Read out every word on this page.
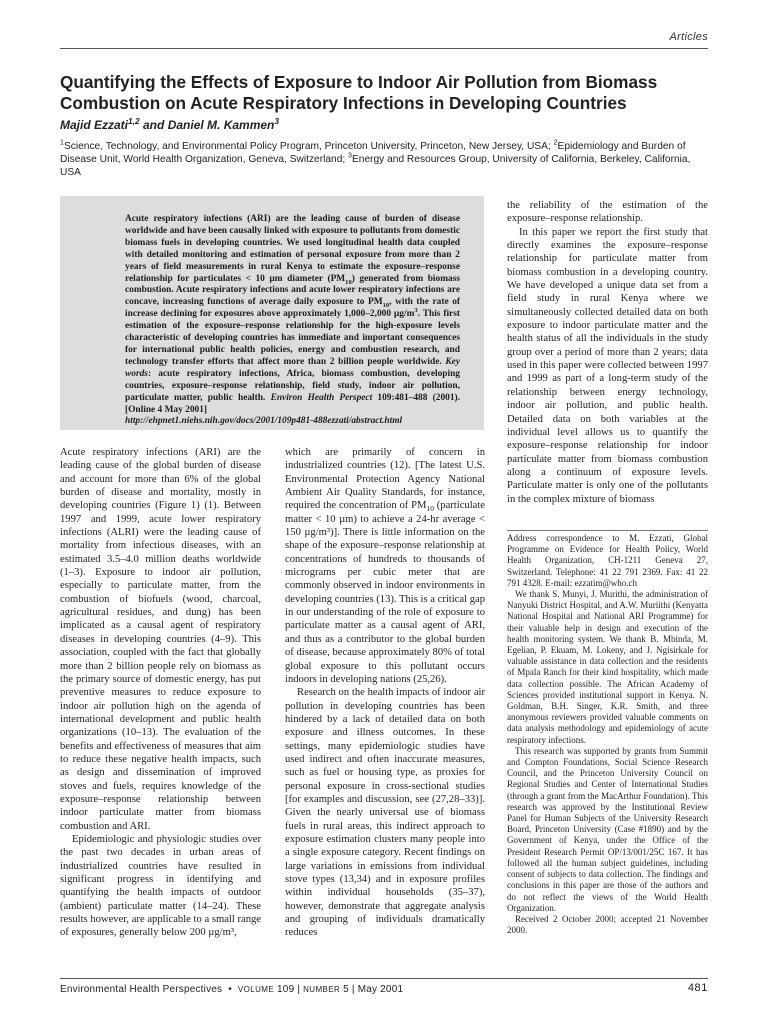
Articles
Quantifying the Effects of Exposure to Indoor Air Pollution from Biomass
Combustion on Acute Respiratory Infections in Developing Countries
Majid Ezzati$^{1,2}$ and Daniel M. Kammen$^3$
$^1$Science, Technology, and Environmental Policy Program, Princeton University, Princeton, New Jersey, USA; $^2$Epidemiology and Burden of Disease Unit, World Health Organization, Geneva, Switzerland; $^3$Energy and Resources Group, University of California, Berkeley, California, USA
Acute respiratory infections (ARI) are the leading cause of burden of disease worldwide and have been causally linked with exposure to pollutants from domestic biomass fuels in developing countries. We used longitudinal health data coupled with detailed monitoring and estimation of personal exposure from more than 2 years of field measurements in rural Kenya to estimate the exposure–response relationship for particulates < 10 µm diameter $(PM_{10})$ generated from biomass combustion. Acute respiratory infections and acute lower respiratory infections are concave, increasing functions of average daily exposure to $PM_{10}$, with the rate of increase declining for exposures above approximately 1,000–2,000 $\mu g/m^3$. This first estimation of the exposure–response relationship for the high-exposure levels characteristic of developing countries has immediate and important consequences for international public health policies, energy and combustion research, and technology transfer efforts that affect more than 2 billion people worldwide. Key words: acute respiratory infections, Africa, biomass combustion, developing countries, exposure–response relationship, field study, indoor air pollution, particulate matter, public health. Environ Health Perspect 109:481–488 (2001). [Online 4 May 2001]
http://ehpnet1.niehs.nih.gov/docs/2001/109p481-488ezzati/abstract.html

Acute respiratory infections (ARI) are the leading cause of the global burden of disease and account for more than 6% of the global burden of disease and mortality, mostly in developing countries (Figure 1) (1). Between 1997 and 1999, acute lower respiratory infections (ALRI) were the leading cause of mortality from infectious diseases, with an estimated 3.5–4.0 million deaths worldwide (1–3). Exposure to indoor air pollution, especially to particulate matter, from the combustion of biofuels (wood, charcoal, agricultural residues, and dung) has been implicated as a causal agent of respiratory diseases in developing countries (4–9). This association, coupled with the fact that globally more than 2 billion people rely on biomass as the primary source of domestic energy, has put preventive measures to reduce exposure to indoor air pollution high on the agenda of international development and public health organizations (10–13). The evaluation of the benefits and effectiveness of measures that aim to reduce these negative health impacts, such as design and dissemination of improved stoves and fuels, requires knowledge of the exposure–response relationship between indoor particulate matter from biomass combustion and ARI.

Epidemiologic and physiologic studies over the past two decades in urban areas of industrialized countries have resulted in significant progress in identifying and quantifying the health impacts of outdoor (ambient) particulate matter (14–24). These results however, are applicable to a small range of exposures, generally below 200 µg/m³,

which are primarily of concern in industrialized countries (12). [The latest U.S. Environmental Protection Agency National Ambient Air Quality Standards, for instance, required the concentration of $PM_{10}$ (particulate matter < 10 µm) to achieve a 24-hr average < 150 µg/m³)]. There is little information on the shape of the exposure–response relationship at concentrations of hundreds to thousands of micrograms per cubic meter that are commonly observed in indoor environments in developing countries (13). This is a critical gap in our understanding of the role of exposure to particulate matter as a causal agent of ARI, and thus as a contributor to the global burden of disease, because approximately 80% of total global exposure to this pollutant occurs indoors in developing nations (25,26).

Research on the health impacts of indoor air pollution in developing countries has been hindered by a lack of detailed data on both exposure and illness outcomes. In these settings, many epidemiologic studies have used indirect and often inaccurate measures, such as fuel or housing type, as proxies for personal exposure in cross-sectional studies [for examples and discussion, see (27,28–33)]. Given the nearly universal use of biomass fuels in rural areas, this indirect approach to exposure estimation clusters many people into a single exposure category. Recent findings on large variations in emissions from individual stove types (13,34) and in exposure profiles within individual households (35–37), however, demonstrate that aggregate analysis and grouping of individuals dramatically reduces

the reliability of the estimation of the exposure–response relationship.

In this paper we report the first study that directly examines the exposure–response relationship for particulate matter from biomass combustion in a developing country. We have developed a unique data set from a field study in rural Kenya where we simultaneously collected detailed data on both exposure to indoor particulate matter and the health status of all the individuals in the study group over a period of more than 2 years; data used in this paper were collected between 1997 and 1999 as part of a long-term study of the relationship between energy technology, indoor air pollution, and public health. Detailed data on both variables at the individual level allows us to quantify the exposure–response relationship for indoor particulate matter from biomass combustion along a continuum of exposure levels. Particulate matter is only one of the pollutants in the complex mixture of biomass

Address correspondence to M. Ezzati, Global Programme on Evidence for Health Policy, World Health Organization, CH-1211 Geneva 27, Switzerland. Telephone: 41 22 791 2369. Fax: 41 22 791 4328. E-mail: ezzatim@who.ch

We thank S. Munyi, J. Murithi, the administration of Nanyuki District Hospital, and A.W. Muriithi (Kenyatta National Hospital and National ARI Programme) for their valuable help in design and execution of the health monitoring system. We thank B. Mbinda, M. Egelian, P. Ekuam, M. Lokeny, and J. Ngisirkale for valuable assistance in data collection and the residents of Mpala Ranch for their kind hospitality, which made data collection possible. The African Academy of Sciences provided institutional support in Kenya. N. Goldman, B.H. Singer, K.R. Smith, and three anonymous reviewers provided valuable comments on data analysis methodology and epidemiology of acute respiratory infections.

This research was supported by grants from Summit and Compton Foundations, Social Science Research Council, and the Princeton University Council on Regional Studies and Center of International Studies (through a grant from the MacArthur Foundation). This research was approved by the Institutional Review Panel for Human Subjects of the University Research Board, Princeton University (Case #1890) and by the Government of Kenya, under the Office of the President Research Permit OP/13/001/25C 167. It has followed all the human subject guidelines, including consent of subjects to data collection. The findings and conclusions in this paper are those of the authors and do not reflect the views of the World Health Organization.

Received 2 October 2000; accepted 21 November 2000.

Environmental Health Perspectives • VOLUME 109 | NUMBER 5 | May 2001	481
